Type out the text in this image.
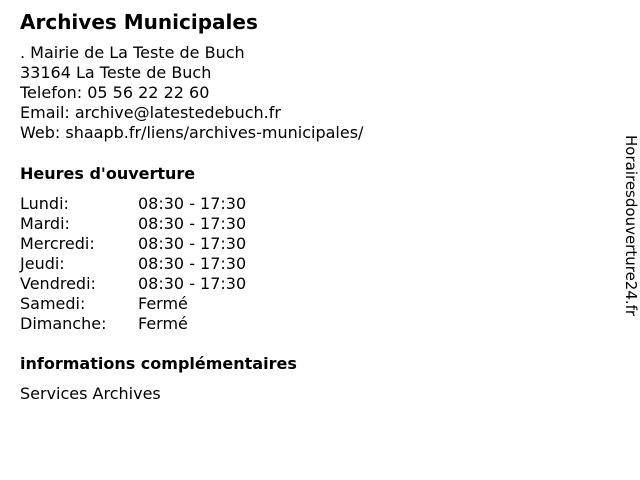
Archives Municipales
. Mairie de La Teste de Buch
33164 La Teste de Buch
Telefon: 05 56 22 22 60
Email: archive@latestedebuch.fr
Web: shaapb.fr/liens/archives-municipales/
Heures d'ouverture
Lundi:	08:30 - 17:30
Mardi:	08:30 - 17:30
Mercredi:	08:30 - 17:30
Jeudi:	08:30 - 17:30
Vendredi:	08:30 - 17:30
Samedi:	Fermé
Dimanche:	Fermé
informations complémentaires
Services Archives
Horairesdouverture24.fr
